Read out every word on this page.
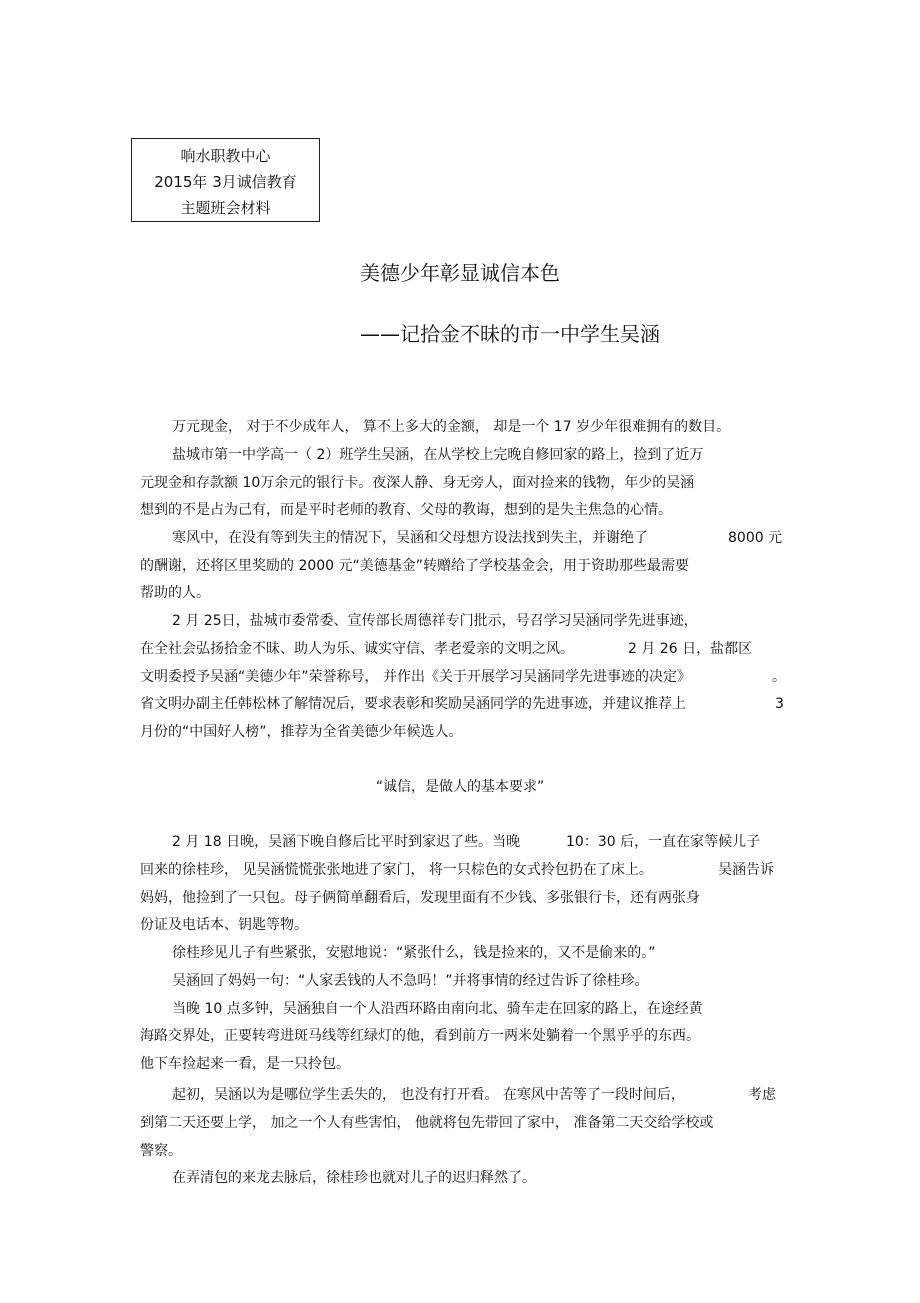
响水职教中心
2015年 3月诚信教育
主题班会材料
美德少年彰显诚信本色
——记拾金不昧的市一中学生吴涵
万元现金， 对于不少成年人， 算不上多大的金额， 却是一个 17 岁少年很难拥有的数目。
盐城市第一中学高一（ 2）班学生吴涵，在从学校上完晚自修回家的路上，捡到了近万
元现金和存款额 10万余元的银行卡。夜深人静、身无旁人，面对捡来的钱物，年少的吴涵
想到的不是占为己有，而是平时老师的教育、父母的教诲，想到的是失主焦急的心情。
寒风中，在没有等到失主的情况下，吴涵和父母想方设法找到失主，并谢绝了	8000 元
的酬谢，还将区里奖励的 2000 元“美德基金”转赠给了学校基金会，用于资助那些最需要
帮助的人。
2 月 25日，盐城市委常委、宣传部长周德祥专门批示，号召学习吴涵同学先进事迹，
在全社会弘扬拾金不昧、助人为乐、诚实守信、孝老爱亲的文明之风。	2 月 26 日，盐都区
文明委授予吴涵“美德少年”荣誉称号， 并作出《关于开展学习吴涵同学先进事迹的决定》	。
省文明办副主任韩松林了解情况后，要求表彰和奖励吴涵同学的先进事迹，并建议推荐上	3
月份的“中国好人榜”，推荐为全省美德少年候选人。
“诚信，是做人的基本要求”
2 月 18 日晚，吴涵下晚自修后比平时到家迟了些。当晚	10：30 后，一直在家等候儿子
回来的徐桂珍， 见吴涵慌慌张张地进了家门， 将一只棕色的女式拎包扔在了床上。	吴涵告诉
妈妈，他捡到了一只包。母子俩简单翻看后，发现里面有不少钱、多张银行卡，还有两张身
份证及电话本、钥匙等物。
徐桂珍见儿子有些紧张，安慰地说：“紧张什么，钱是捡来的，又不是偷来的。”
吴涵回了妈妈一句：“人家丢钱的人不急吗！”并将事情的经过告诉了徐桂珍。
当晚 10 点多钟，吴涵独自一个人沿西环路由南向北、骑车走在回家的路上，在途经黄
海路交界处，正要转弯进斑马线等红绿灯的他，看到前方一两米处躺着一个黑乎乎的东西。
他下车捡起来一看，是一只拎包。
起初，吴涵以为是哪位学生丢失的， 也没有打开看。 在寒风中苦等了一段时间后，	考虑
到第二天还要上学， 加之一个人有些害怕， 他就将包先带回了家中， 准备第二天交给学校或
警察。
在弄清包的来龙去脉后，徐桂珍也就对儿子的迟归释然了。
